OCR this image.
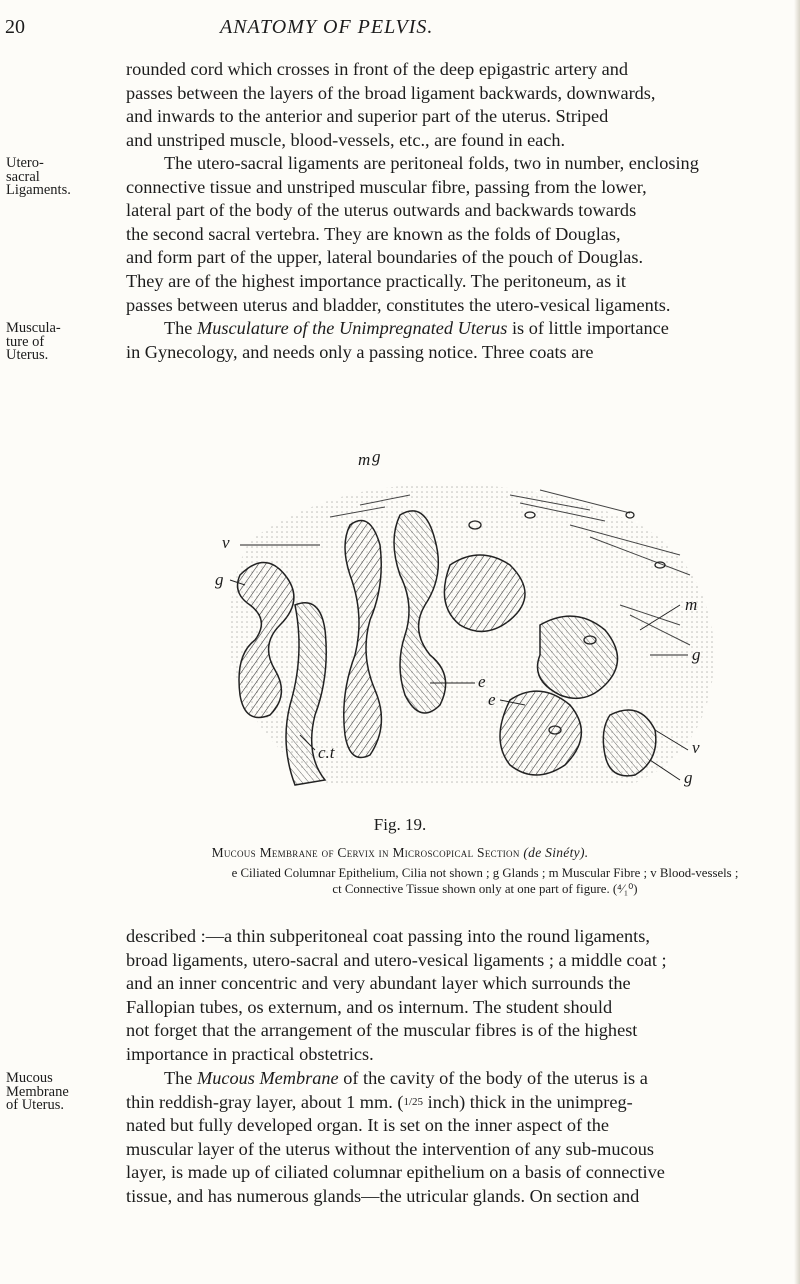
20	ANATOMY OF PELVIS.
rounded cord which crosses in front of the deep epigastric artery and
passes between the layers of the broad ligament backwards, downwards,
and inwards to the anterior and superior part of the uterus. Striped
and unstriped muscle, blood-vessels, etc., are found in each.
Utero-
sacral
Ligaments.
The utero-sacral ligaments are peritoneal folds, two in number, enclosing
connective tissue and unstriped muscular fibre, passing from the lower,
lateral part of the body of the uterus outwards and backwards towards
the second sacral vertebra. They are known as the folds of Douglas,
and form part of the upper, lateral boundaries of the pouch of Douglas.
They are of the highest importance practically. The peritoneum, as it
passes between uterus and bladder, constitutes the utero-vesical ligaments.
Muscula-
ture of
Uterus.
The Musculature of the Unimpregnated Uterus is of little importance
in Gynecology, and needs only a passing notice. Three coats are
m g
v
g
e
c.t
m
g
e
v
g
Fig. 19.
Mucous Membrane of Cervix in Microscopical Section (de Sinéty).
e Ciliated Columnar Epithelium, Cilia not shown ; g Glands ; m Muscular Fibre ; v Blood-vessels ;
ct Connective Tissue shown only at one part of figure. (⁴⁄₁⁰)
described :—a thin subperitoneal coat passing into the round ligaments,
broad ligaments, utero-sacral and utero-vesical ligaments ; a middle coat ;
and an inner concentric and very abundant layer which surrounds the
Fallopian tubes, os externum, and os internum. The student should
not forget that the arrangement of the muscular fibres is of the highest
importance in practical obstetrics.
Mucous
Membrane
of Uterus.
The Mucous Membrane of the cavity of the body of the uterus is a
thin reddish-gray layer, about 1 mm. (1/25 inch) thick in the unimpreg-
nated but fully developed organ. It is set on the inner aspect of the
muscular layer of the uterus without the intervention of any sub-mucous
layer, is made up of ciliated columnar epithelium on a basis of connective
tissue, and has numerous glands—the utricular glands. On section and
